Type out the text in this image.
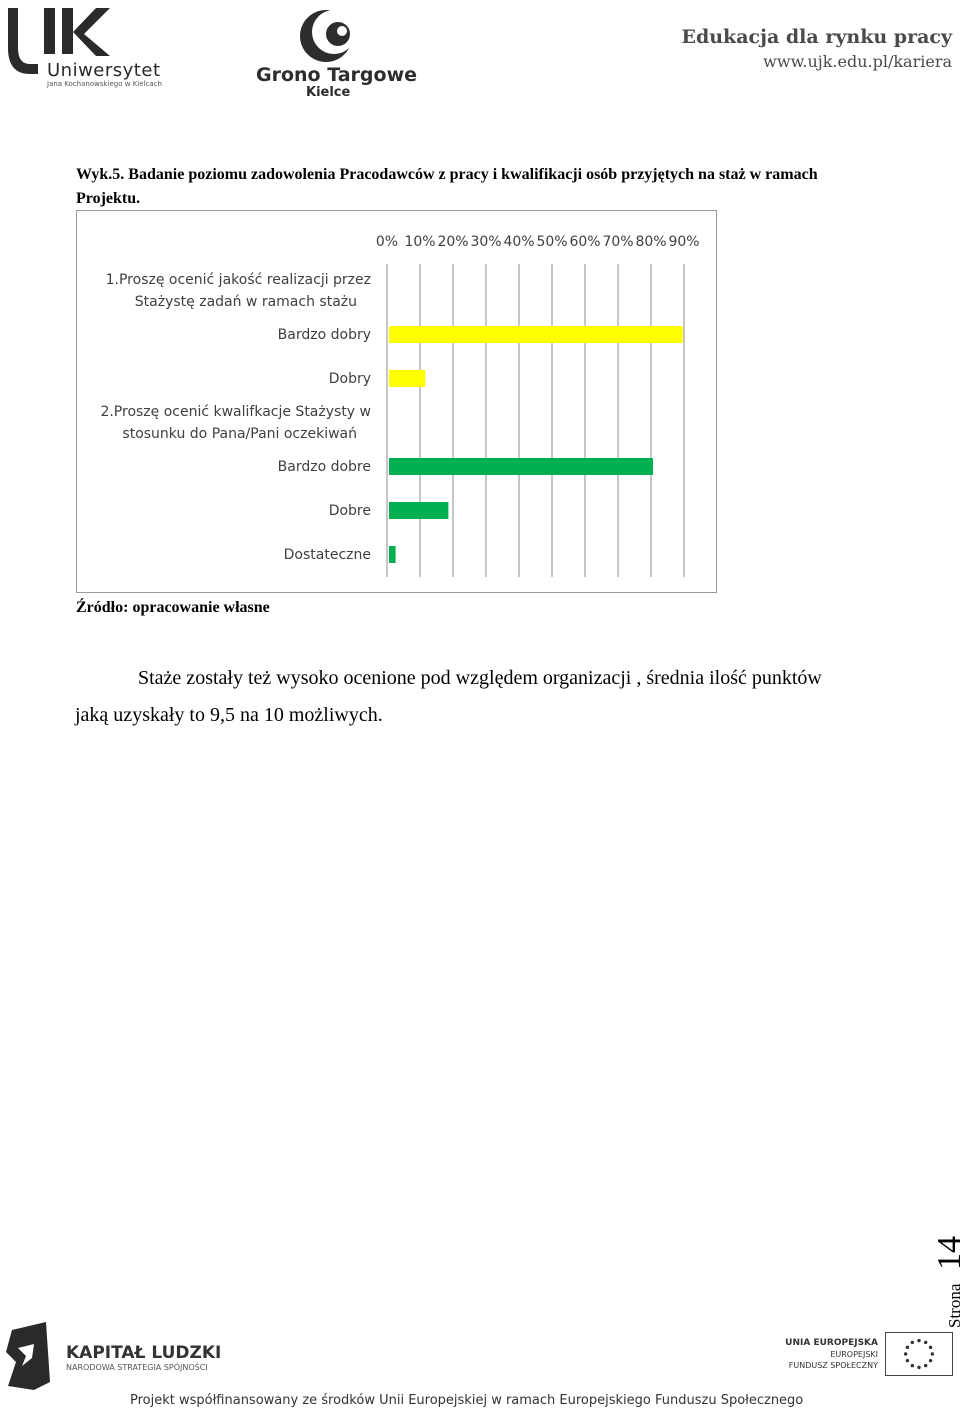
Uniwersytet
Jana Kochanowskiego w Kielcach	Grono Targowe
Kielce
Edukacja dla rynku pracy
www.ujk.edu.pl/kariera
Wyk.5. Badanie poziomu zadowolenia Pracodawców z pracy i kwalifikacji osób przyjętych na staż w ramach Projektu.
0% 10% 20% 30% 40% 50% 60% 70% 80% 90%
1.Proszę ocenić jakość realizacji przez
Stażystę zadań w ramach stażu
Bardzo dobry
Dobry
2.Proszę ocenić kwalifkacje Stażysty w
stosunku do Pana/Pani oczekiwań
Bardzo dobre
Dobre
Dostateczne
Źródło: opracowanie własne
Staże zostały też wysoko ocenione pod względem organizacji , średnia ilość punktów
jaką uzyskały to 9,5 na 10 możliwych.
Strona
14
KAPITAŁ LUDZKI
NARODOWA STRATEGIA SPÓJNOŚCI
UNIA EUROPEJSKA
EUROPEJSKI
FUNDUSZ SPOŁECZNY
Projekt współfinansowany ze środków Unii Europejskiej w ramach Europejskiego Funduszu Społecznego
